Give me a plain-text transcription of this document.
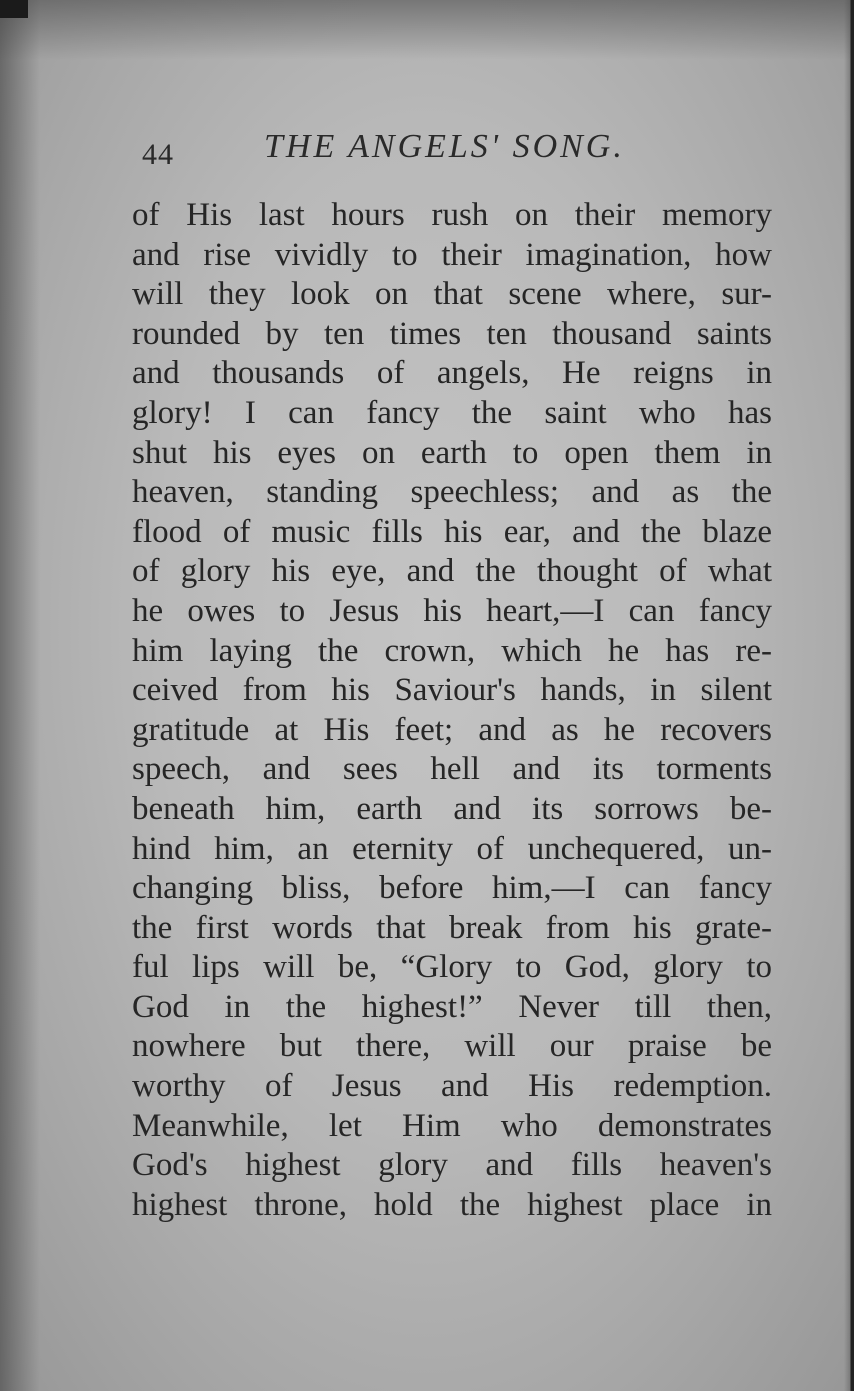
44	THE ANGELS' SONG.
of His last hours rush on their memory
and rise vividly to their imagination, how
will they look on that scene where, sur-
rounded by ten times ten thousand saints
and thousands of angels, He reigns in
glory! I can fancy the saint who has
shut his eyes on earth to open them in
heaven, standing speechless; and as the
flood of music fills his ear, and the blaze
of glory his eye, and the thought of what
he owes to Jesus his heart,—I can fancy
him laying the crown, which he has re-
ceived from his Saviour's hands, in silent
gratitude at His feet; and as he recovers
speech, and sees hell and its torments
beneath him, earth and its sorrows be-
hind him, an eternity of unchequered, un-
changing bliss, before him,—I can fancy
the first words that break from his grate-
ful lips will be, “Glory to God, glory to
God in the highest!” Never till then,
nowhere but there, will our praise be
worthy of Jesus and His redemption.
Meanwhile, let Him who demonstrates
God's highest glory and fills heaven's
highest throne, hold the highest place in
